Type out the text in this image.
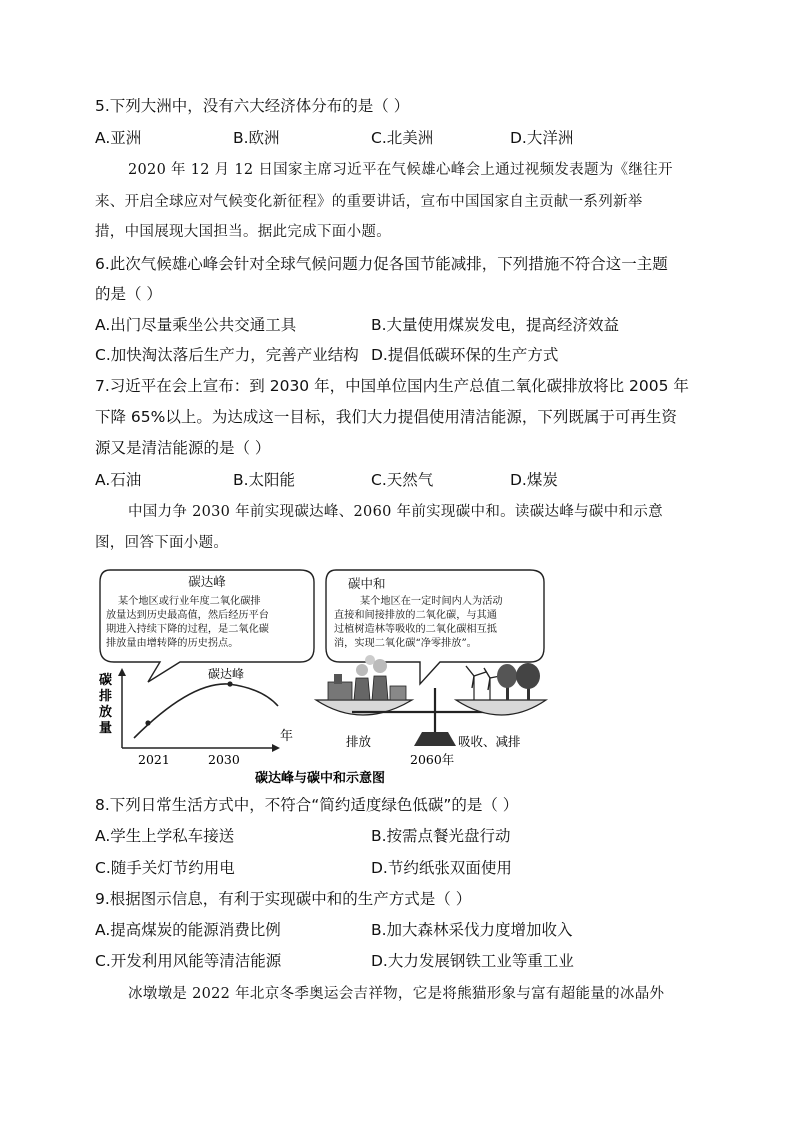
5.下列大洲中，没有六大经济体分布的是（ ）
A.亚洲	B.欧洲	C.北美洲	D.大洋洲
2020 年 12 月 12 日国家主席习近平在气候雄心峰会上通过视频发表题为《继往开
来、开启全球应对气候变化新征程》的重要讲话，宣布中国国家自主贡献一系列新举
措，中国展现大国担当。据此完成下面小题。
6.此次气候雄心峰会针对全球气候问题力促各国节能减排，下列措施不符合这一主题
的是（ ）
A.出门尽量乘坐公共交通工具	B.大量使用煤炭发电，提高经济效益
C.加快淘汰落后生产力，完善产业结构 D.提倡低碳环保的生产方式
7.习近平在会上宣布：到 2030 年，中国单位国内生产总值二氧化碳排放将比 2005 年
下降 65%以上。为达成这一目标，我们大力提倡使用清洁能源，下列既属于可再生资
源又是清洁能源的是（ ）
A.石油	B.太阳能	C.天然气	D.煤炭
中国力争 2030 年前实现碳达峰、2060 年前实现碳中和。读碳达峰与碳中和示意
图，回答下面小题。
碳达峰
某个地区或行业年度二氧化碳排
放量达到历史最高值，然后经历平台
期进入持续下降的过程，是二氧化碳
排放量由增转降的历史拐点。
碳中和
某个地区在一定时间内人为活动
直接和间接排放的二氧化碳，与其通
过植树造林等吸收的二氧化碳相互抵
消，实现二氧化碳“净零排放”。
碳
排
放
量
年
碳达峰
2021	2030
排放	吸收、减排
2060年
碳达峰与碳中和示意图
8.下列日常生活方式中，不符合“简约适度绿色低碳”的是（ ）
A.学生上学私车接送	B.按需点餐光盘行动
C.随手关灯节约用电	D.节约纸张双面使用
9.根据图示信息，有利于实现碳中和的生产方式是（ ）
A.提高煤炭的能源消费比例	B.加大森林采伐力度增加收入
C.开发利用风能等清洁能源	D.大力发展钢铁工业等重工业
冰墩墩是 2022 年北京冬季奥运会吉祥物，它是将熊猫形象与富有超能量的冰晶外
